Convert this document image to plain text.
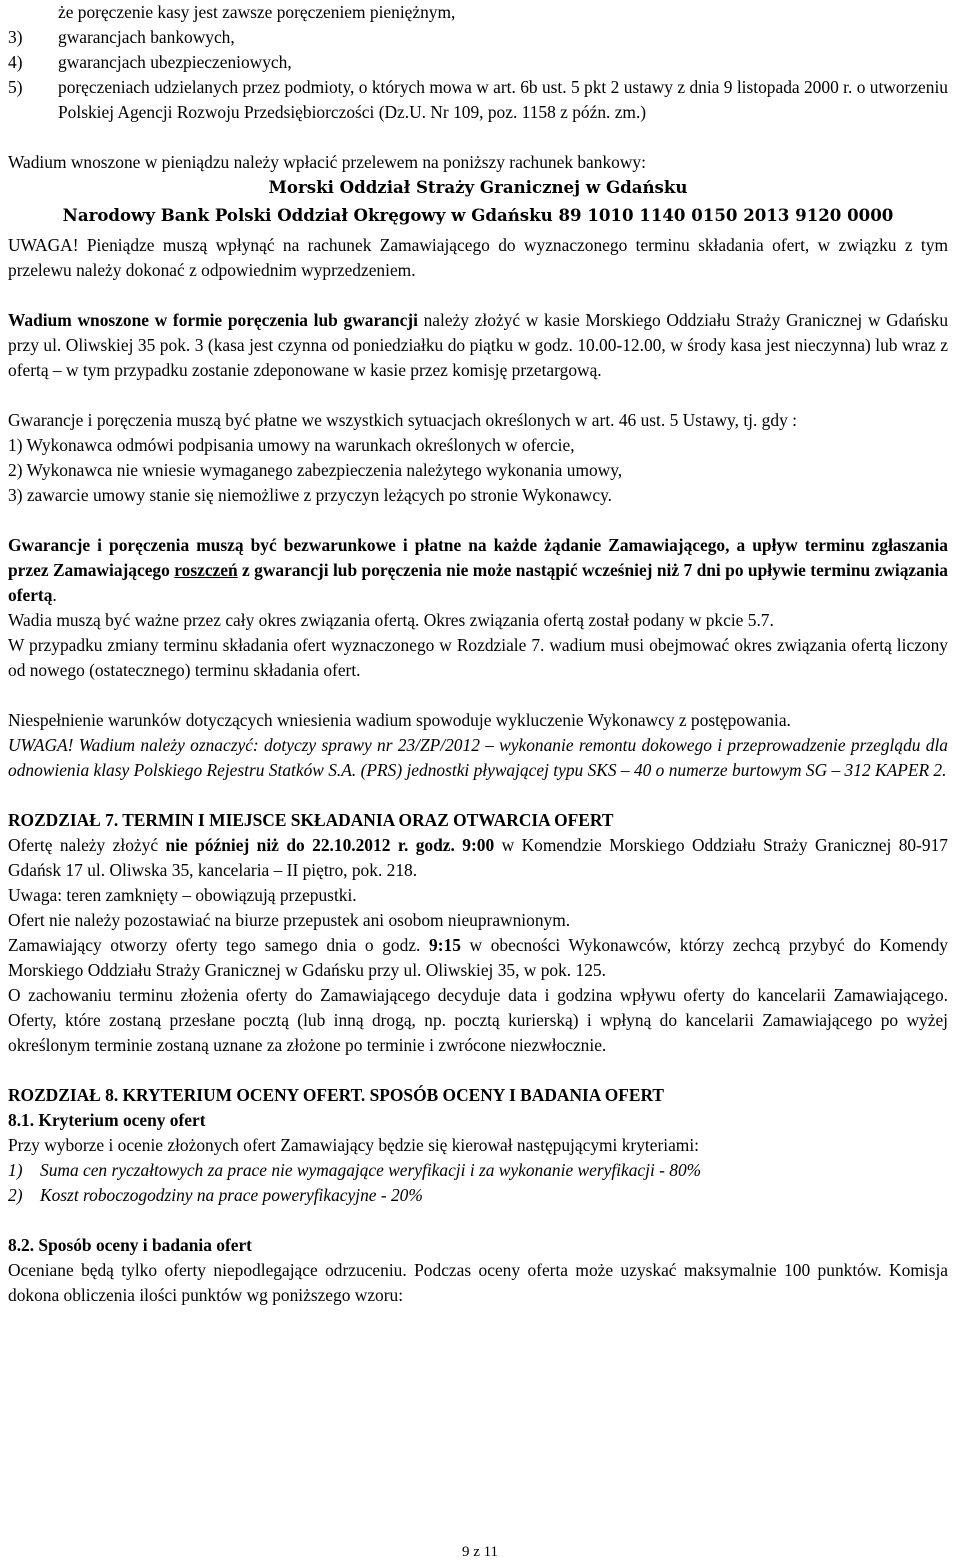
że poręczenie kasy jest zawsze poręczeniem pieniężnym,

3)	gwarancjach bankowych,
4)	gwarancjach ubezpieczeniowych,
5)	poręczeniach udzielanych przez podmioty, o których mowa w art. 6b ust. 5 pkt 2 ustawy z dnia 9 listopada 2000 r. o utworzeniu Polskiej Agencji Rozwoju Przedsiębiorczości (Dz.U. Nr 109, poz. 1158 z późn. zm.)

Wadium wnoszone w pieniądzu należy wpłacić przelewem na poniższy rachunek bankowy:

Morski Oddział Straży Granicznej w Gdańsku

Narodowy Bank Polski Oddział Okręgowy w Gdańsku 89 1010 1140 0150 2013 9120 0000

UWAGA! Pieniądze muszą wpłynąć na rachunek Zamawiającego do wyznaczonego terminu składania ofert, w związku z tym przelewu należy dokonać z odpowiednim wyprzedzeniem.

Wadium wnoszone w formie poręczenia lub gwarancji należy złożyć w kasie Morskiego Oddziału Straży Granicznej w Gdańsku przy ul. Oliwskiej 35 pok. 3 (kasa jest czynna od poniedziałku do piątku w godz. 10.00-12.00, w środy kasa jest nieczynna) lub wraz z ofertą – w tym przypadku zostanie zdeponowane w kasie przez komisję przetargową.

Gwarancje i poręczenia muszą być płatne we wszystkich sytuacjach określonych w art. 46 ust. 5 Ustawy, tj. gdy :

1) Wykonawca odmówi podpisania umowy na warunkach określonych w ofercie,

2) Wykonawca nie wniesie wymaganego zabezpieczenia należytego wykonania umowy,

3) zawarcie umowy stanie się niemożliwe z przyczyn leżących po stronie Wykonawcy.

Gwarancje i poręczenia muszą być bezwarunkowe i płatne na każde żądanie Zamawiającego, a upływ terminu zgłaszania przez Zamawiającego roszczeń z gwarancji lub poręczenia nie może nastąpić wcześniej niż 7 dni po upływie terminu związania ofertą.

Wadia muszą być ważne przez cały okres związania ofertą. Okres związania ofertą został podany w pkcie 5.7.

W przypadku zmiany terminu składania ofert wyznaczonego w Rozdziale 7. wadium musi obejmować okres związania ofertą liczony od nowego (ostatecznego) terminu składania ofert.

Niespełnienie warunków dotyczących wniesienia wadium spowoduje wykluczenie Wykonawcy z postępowania.

UWAGA! Wadium należy oznaczyć: dotyczy sprawy nr 23/ZP/2012 – wykonanie remontu dokowego i przeprowadzenie przeglądu dla odnowienia klasy Polskiego Rejestru Statków S.A. (PRS) jednostki pływającej typu SKS – 40 o numerze burtowym SG – 312 KAPER 2.

ROZDZIAŁ 7. TERMIN I MIEJSCE SKŁADANIA ORAZ OTWARCIA OFERT

Ofertę należy złożyć nie później niż do 22.10.2012 r. godz. 9:00 w Komendzie Morskiego Oddziału Straży Granicznej 80-917 Gdańsk 17 ul. Oliwska 35, kancelaria – II piętro, pok. 218.

Uwaga: teren zamknięty – obowiązują przepustki.

Ofert nie należy pozostawiać na biurze przepustek ani osobom nieuprawnionym.

Zamawiający otworzy oferty tego samego dnia o godz. 9:15 w obecności Wykonawców, którzy zechcą przybyć do Komendy Morskiego Oddziału Straży Granicznej w Gdańsku przy ul. Oliwskiej 35, w pok. 125.

O zachowaniu terminu złożenia oferty do Zamawiającego decyduje data i godzina wpływu oferty do kancelarii Zamawiającego. Oferty, które zostaną przesłane pocztą (lub inną drogą, np. pocztą kurierską) i wpłyną do kancelarii Zamawiającego po wyżej określonym terminie zostaną uznane za złożone po terminie i zwrócone niezwłocznie.

ROZDZIAŁ 8. KRYTERIUM OCENY OFERT. SPOSÓB OCENY I BADANIA OFERT

8.1. Kryterium oceny ofert

Przy wyborze i ocenie złożonych ofert Zamawiający będzie się kierował następującymi kryteriami:

1)	Suma cen ryczałtowych za prace nie wymagające weryfikacji i za wykonanie weryfikacji - 80%
2)	Koszt roboczogodziny na prace poweryfikacyjne - 20%

8.2. Sposób oceny i badania ofert

Oceniane będą tylko oferty niepodlegające odrzuceniu. Podczas oceny oferta może uzyskać maksymalnie 100 punktów. Komisja dokona obliczenia ilości punktów wg poniższego wzoru:

9 z 11
